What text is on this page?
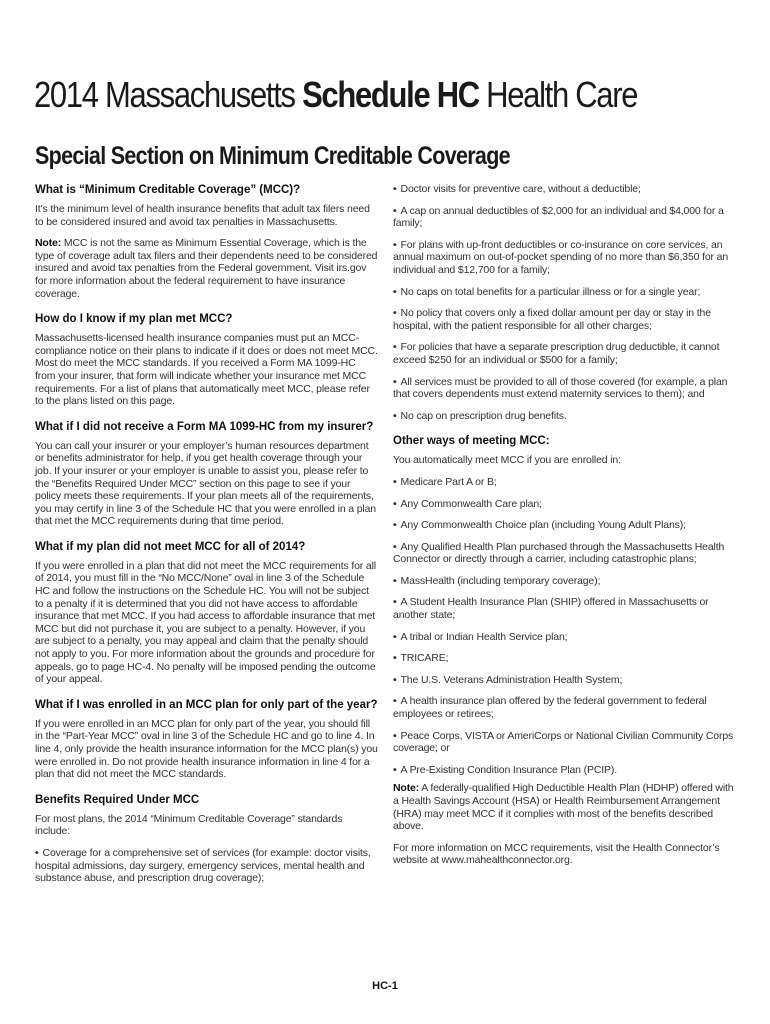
2014 Massachusetts Schedule HC Health Care
Special Section on Minimum Creditable Coverage
What is “Minimum Creditable Coverage” (MCC)?

It’s the minimum level of health insurance benefits that adult tax filers need to be considered insured and avoid tax penalties in Massachusetts.

Note: MCC is not the same as Minimum Essential Coverage, which is the type of coverage adult tax filers and their dependents need to be considered insured and avoid tax penalties from the Federal government. Visit irs.gov for more information about the federal requirement to have insurance coverage.

How do I know if my plan met MCC?

Massachusetts-licensed health insurance companies must put an MCC-compliance notice on their plans to indicate if it does or does not meet MCC. Most do meet the MCC standards. If you received a Form MA 1099-HC from your insurer, that form will indicate whether your insurance met MCC requirements. For a list of plans that automatically meet MCC, please refer to the plans listed on this page.

What if I did not receive a Form MA 1099-HC from my insurer?

You can call your insurer or your employer’s human resources department or benefits administrator for help, if you get health coverage through your job. If your insurer or your employer is unable to assist you, please refer to the “Benefits Required Under MCC” section on this page to see if your policy meets these requirements. If your plan meets all of the requirements, you may certify in line 3 of the Schedule HC that you were enrolled in a plan that met the MCC requirements during that time period.

What if my plan did not meet MCC for all of 2014?

If you were enrolled in a plan that did not meet the MCC requirements for all of 2014, you must fill in the “No MCC/None” oval in line 3 of the Schedule HC and follow the instructions on the Schedule HC. You will not be subject to a penalty if it is determined that you did not have access to affordable insurance that met MCC. If you had access to affordable insurance that met MCC but did not purchase it, you are subject to a penalty. However, if you are subject to a penalty, you may appeal and claim that the penalty should not apply to you. For more information about the grounds and procedure for appeals, go to page HC-4. No penalty will be imposed pending the outcome of your appeal.

What if I was enrolled in an MCC plan for only part of the year?

If you were enrolled in an MCC plan for only part of the year, you should fill in the “Part-Year MCC” oval in line 3 of the Schedule HC and go to line 4. In line 4, only provide the health insurance information for the MCC plan(s) you were enrolled in. Do not provide health insurance information in line 4 for a plan that did not meet the MCC standards.

Benefits Required Under MCC

For most plans, the 2014 “Minimum Creditable Coverage” standards include:

• Coverage for a comprehensive set of services (for example: doctor visits, hospital admissions, day surgery, emergency services, mental health and substance abuse, and prescription drug coverage);

• Doctor visits for preventive care, without a deductible;

• A cap on annual deductibles of $2,000 for an individual and $4,000 for a family;

• For plans with up-front deductibles or co-insurance on core services, an annual maximum on out-of-pocket spending of no more than $6,350 for an individual and $12,700 for a family;

• No caps on total benefits for a particular illness or for a single year;

• No policy that covers only a fixed dollar amount per day or stay in the hospital, with the patient responsible for all other charges;

• For policies that have a separate prescription drug deductible, it cannot exceed $250 for an individual or $500 for a family;

• All services must be provided to all of those covered (for example, a plan that covers dependents must extend maternity services to them); and

• No cap on prescription drug benefits.

Other ways of meeting MCC:

You automatically meet MCC if you are enrolled in:

• Medicare Part A or B;

• Any Commonwealth Care plan;

• Any Commonwealth Choice plan (including Young Adult Plans);

• Any Qualified Health Plan purchased through the Massachusetts Health Connector or directly through a carrier, including catastrophic plans;

• MassHealth (including temporary coverage);

• A Student Health Insurance Plan (SHIP) offered in Massachusetts or another state;

• A tribal or Indian Health Service plan;

• TRICARE;

• The U.S. Veterans Administration Health System;

• A health insurance plan offered by the federal government to federal employees or retirees;

• Peace Corps, VISTA or AmeriCorps or National Civilian Community Corps coverage; or

• A Pre-Existing Condition Insurance Plan (PCIP).

Note: A federally-qualified High Deductible Health Plan (HDHP) offered with a Health Savings Account (HSA) or Health Reimbursement Arrangement (HRA) may meet MCC if it complies with most of the benefits described above.

For more information on MCC requirements, visit the Health Connector’s website at www.mahealthconnector.org.

HC-1
